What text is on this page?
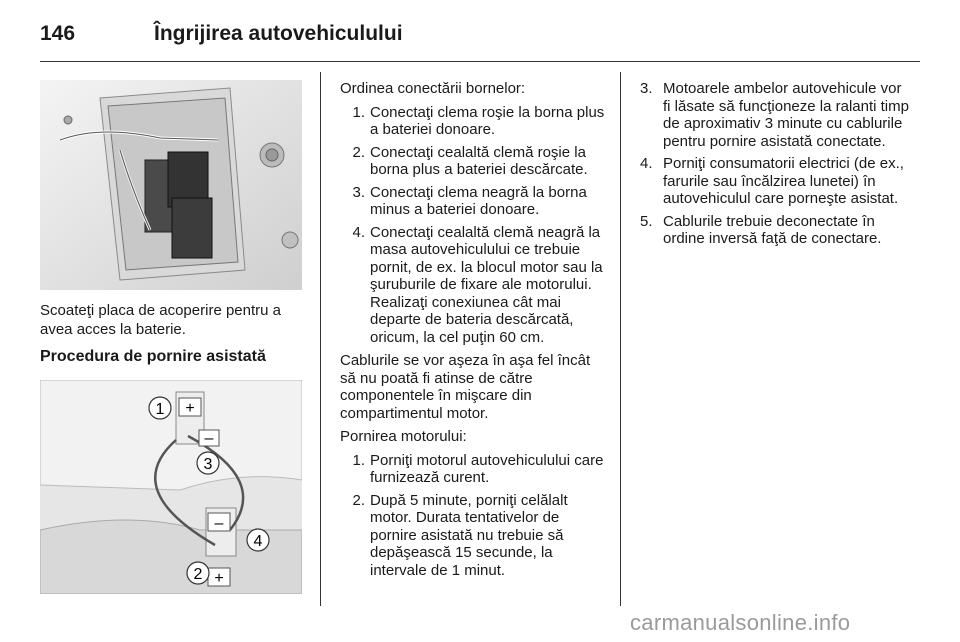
146	Îngrijirea autovehiculului
Scoateţi placa de acoperire pentru a avea acces la baterie.
Procedura de pornire asistată
+
–
–
+
1
2
3
4

Ordinea conectării bornelor:

1. Conectaţi clema roşie la borna plus a bateriei donoare.
2. Conectaţi cealaltă clemă roşie la borna plus a bateriei descărcate.
3. Conectaţi clema neagră la borna minus a bateriei donoare.
4. Conectaţi cealaltă clemă neagră la masa autovehiculului ce trebuie pornit, de ex. la blocul motor sau la şuruburile de fixare ale motorului. Realizaţi conexiunea cât mai departe de bateria descărcată, oricum, la cel puţin 60 cm.

Cablurile se vor aşeza în aşa fel încât să nu poată fi atinse de către componentele în mişcare din compartimentul motor.

Pornirea motorului:

1. Porniţi motorul autovehiculului care furnizează curent.
2. După 5 minute, porniţi celălalt motor. Durata tentativelor de pornire asistată nu trebuie să depăşească 15 secunde, la intervale de 1 minut.
3. Motoarele ambelor autovehicule vor fi lăsate să funcţioneze la ralanti timp de aproximativ 3 minute cu cablurile pentru pornire asistată conectate.
4. Porniţi consumatorii electrici (de ex., farurile sau încălzirea lunetei) în autovehiculul care porneşte asistat.
5. Cablurile trebuie deconectate în ordine inversă faţă de conectare.
carmanualsonline.info
